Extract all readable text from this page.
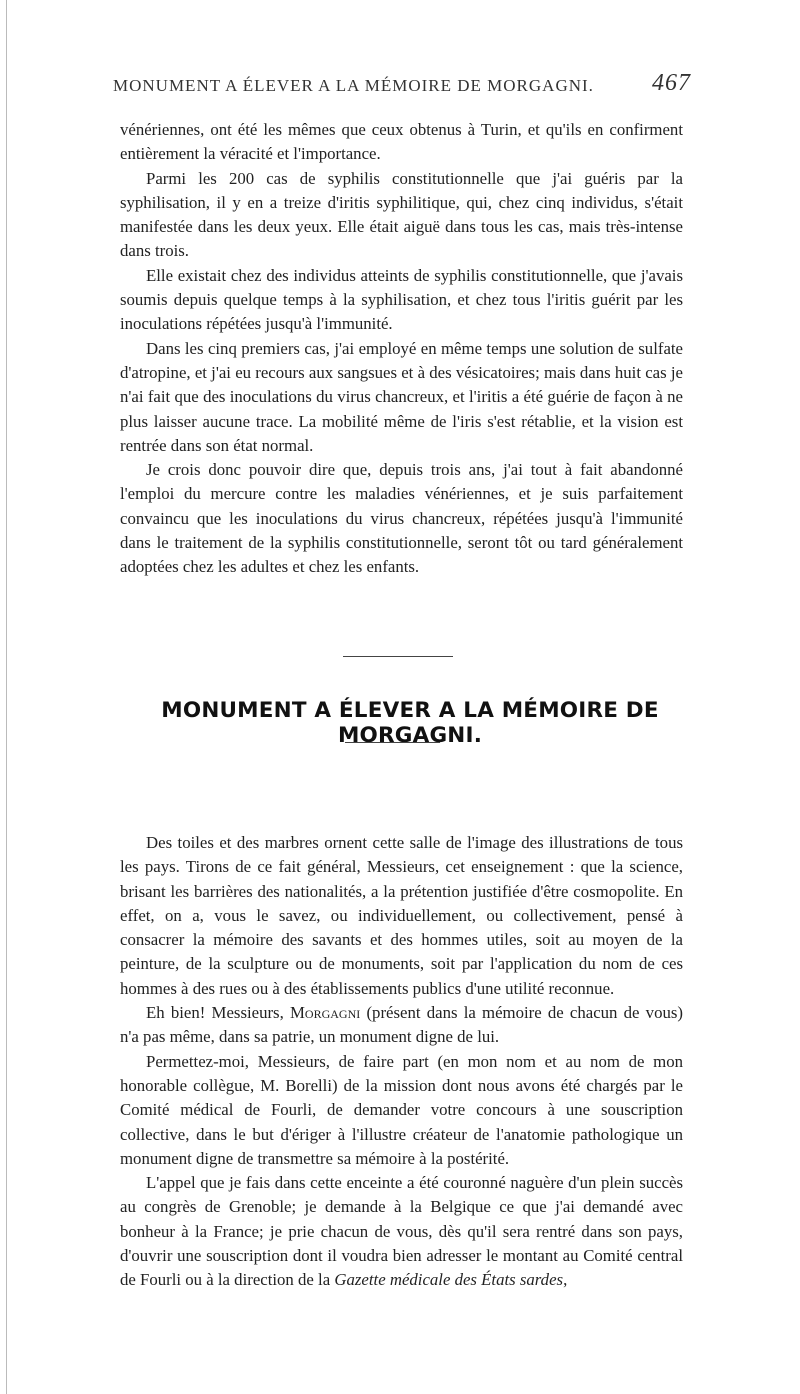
MONUMENT A ÉLEVER A LA MÉMOIRE DE MORGAGNI. 467

vénériennes, ont été les mêmes que ceux obtenus à Turin, et qu'ils en confirment entièrement la véracité et l'importance.

Parmi les 200 cas de syphilis constitutionnelle que j'ai guéris par la syphilisation, il y en a treize d'iritis syphilitique, qui, chez cinq individus, s'était manifestée dans les deux yeux. Elle était aiguë dans tous les cas, mais très-intense dans trois.

Elle existait chez des individus atteints de syphilis constitutionnelle, que j'avais soumis depuis quelque temps à la syphilisation, et chez tous l'iritis guérit par les inoculations répétées jusqu'à l'immunité.

Dans les cinq premiers cas, j'ai employé en même temps une solution de sulfate d'atropine, et j'ai eu recours aux sangsues et à des vésicatoires; mais dans huit cas je n'ai fait que des inoculations du virus chancreux, et l'iritis a été guérie de façon à ne plus laisser aucune trace. La mobilité même de l'iris s'est rétablie, et la vision est rentrée dans son état normal.

Je crois donc pouvoir dire que, depuis trois ans, j'ai tout à fait abandonné l'emploi du mercure contre les maladies vénériennes, et je suis parfaitement convaincu que les inoculations du virus chancreux, répétées jusqu'à l'immunité dans le traitement de la syphilis constitutionnelle, seront tôt ou tard généralement adoptées chez les adultes et chez les enfants.

MONUMENT A ÉLEVER A LA MÉMOIRE DE MORGAGNI.

Des toiles et des marbres ornent cette salle de l'image des illustrations de tous les pays. Tirons de ce fait général, Messieurs, cet enseignement : que la science, brisant les barrières des nationalités, a la prétention justifiée d'être cosmopolite. En effet, on a, vous le savez, ou individuellement, ou collectivement, pensé à consacrer la mémoire des savants et des hommes utiles, soit au moyen de la peinture, de la sculpture ou de monuments, soit par l'application du nom de ces hommes à des rues ou à des établissements publics d'une utilité reconnue.

Eh bien! Messieurs, Morgagni (présent dans la mémoire de chacun de vous) n'a pas même, dans sa patrie, un monument digne de lui.

Permettez-moi, Messieurs, de faire part (en mon nom et au nom de mon honorable collègue, M. Borelli) de la mission dont nous avons été chargés par le Comité médical de Fourli, de demander votre concours à une souscription collective, dans le but d'ériger à l'illustre créateur de l'anatomie pathologique un monument digne de transmettre sa mémoire à la postérité.

L'appel que je fais dans cette enceinte a été couronné naguère d'un plein succès au congrès de Grenoble; je demande à la Belgique ce que j'ai demandé avec bonheur à la France; je prie chacun de vous, dès qu'il sera rentré dans son pays, d'ouvrir une souscription dont il voudra bien adresser le montant au Comité central de Fourli ou à la direction de la Gazette médicale des États sardes,
